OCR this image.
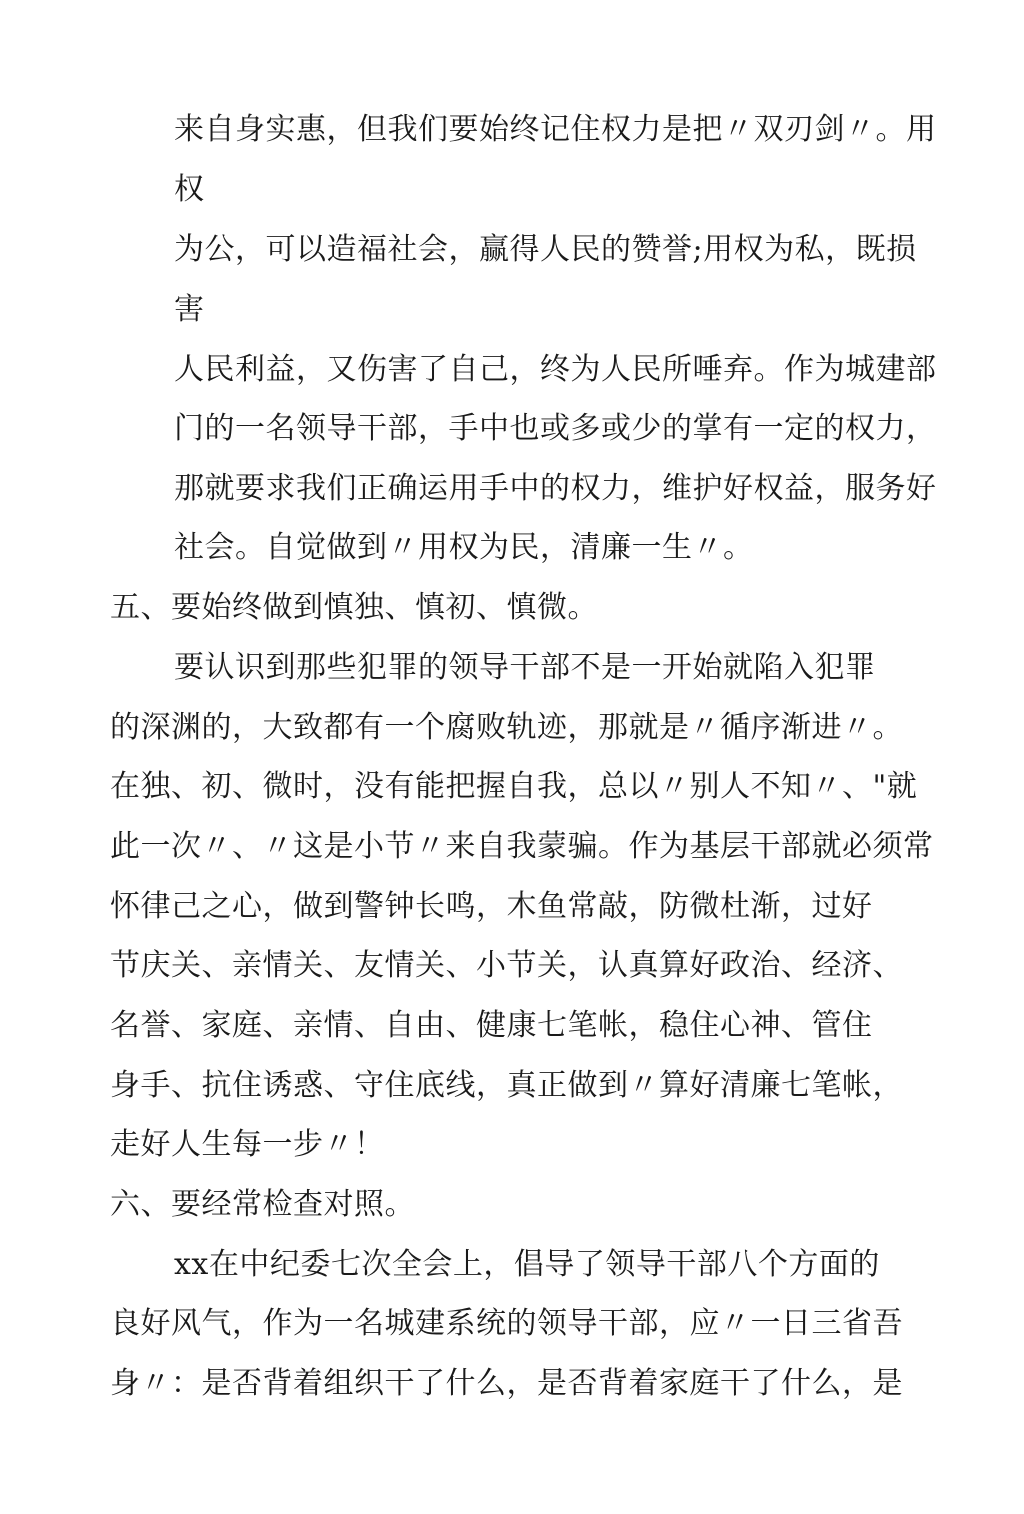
来自身实惠，但我们要始终记住权力是把〃双刃剑〃。用
权
为公，可以造福社会，赢得人民的赞誉;用权为私，既损
害
人民利益，又伤害了自己，终为人民所唾弃。作为城建部
门的一名领导干部，手中也或多或少的掌有一定的权力，
那就要求我们正确运用手中的权力，维护好权益，服务好
社会。自觉做到〃用权为民，清廉一生〃。
五、要始终做到慎独、慎初、慎微。
要认识到那些犯罪的领导干部不是一开始就陷入犯罪
的深渊的，大致都有一个腐败轨迹，那就是〃循序渐进〃。
在独、初、微时，没有能把握自我，总以〃别人不知〃、"就
此一次〃、〃这是小节〃来自我蒙骗。作为基层干部就必须常
怀律己之心，做到警钟长鸣，木鱼常敲，防微杜渐，过好
节庆关、亲情关、友情关、小节关，认真算好政治、经济、
名誉、家庭、亲情、自由、健康七笔帐，稳住心神、管住
身手、抗住诱惑、守住底线，真正做到〃算好清廉七笔帐，
走好人生每一步〃！
六、要经常检查对照。
xx在中纪委七次全会上，倡导了领导干部八个方面的
良好风气，作为一名城建系统的领导干部，应〃一日三省吾
身〃：是否背着组织干了什么，是否背着家庭干了什么，是
